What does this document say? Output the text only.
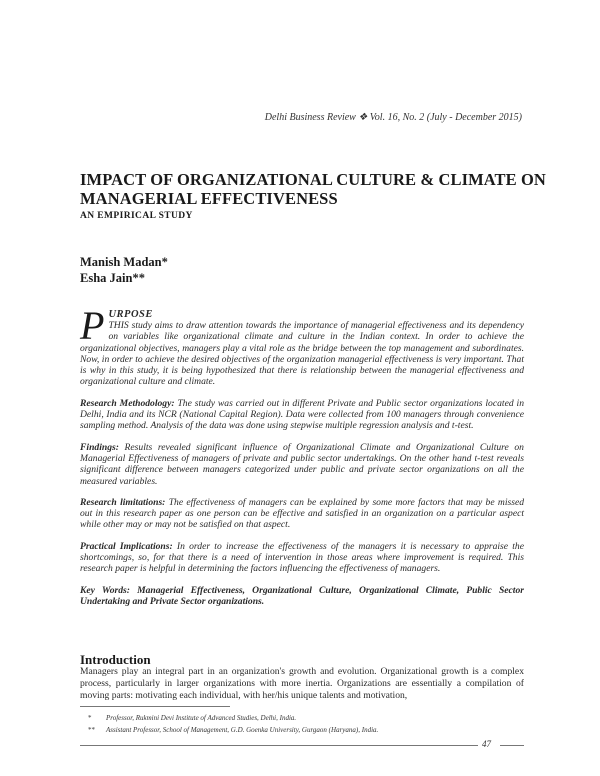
Delhi Business Review ❖ Vol. 16, No. 2 (July - December 2015)
IMPACT OF ORGANIZATIONAL CULTURE & CLIMATE ON MANAGERIAL EFFECTIVENESS
AN EMPIRICAL STUDY
Manish Madan*
Esha Jain**
P URPOSE
THIS study aims to draw attention towards the importance of managerial effectiveness and its dependency on variables like organizational climate and culture in the Indian context. In order to achieve the organizational objectives, managers play a vital role as the bridge between the top management and subordinates. Now, in order to achieve the desired objectives of the organization managerial effectiveness is very important. That is why in this study, it is being hypothesized that there is relationship between the managerial effectiveness and organizational culture and climate.
Research Methodology: The study was carried out in different Private and Public sector organizations located in Delhi, India and its NCR (National Capital Region). Data were collected from 100 managers through convenience sampling method. Analysis of the data was done using stepwise multiple regression analysis and t-test.
Findings: Results revealed significant influence of Organizational Climate and Organizational Culture on Managerial Effectiveness of managers of private and public sector undertakings. On the other hand t-test reveals significant difference between managers categorized under public and private sector organizations on all the measured variables.
Research limitations: The effectiveness of managers can be explained by some more factors that may be missed out in this research paper as one person can be effective and satisfied in an organization on a particular aspect while other may or may not be satisfied on that aspect.
Practical Implications: In order to increase the effectiveness of the managers it is necessary to appraise the shortcomings, so, for that there is a need of intervention in those areas where improvement is required. This research paper is helpful in determining the factors influencing the effectiveness of managers.
Key Words: Managerial Effectiveness, Organizational Culture, Organizational Climate, Public Sector Undertaking and Private Sector organizations.
Introduction
Managers play an integral part in an organization's growth and evolution. Organizational growth is a complex process, particularly in larger organizations with more inertia. Organizations are essentially a compilation of moving parts: motivating each individual, with her/his unique talents and motivation,
* Professor, Rukmini Devi Institute of Advanced Studies, Delhi, India.
** Assistant Professor, School of Management, G.D. Goenka University, Gurgaon (Haryana), India.
47
